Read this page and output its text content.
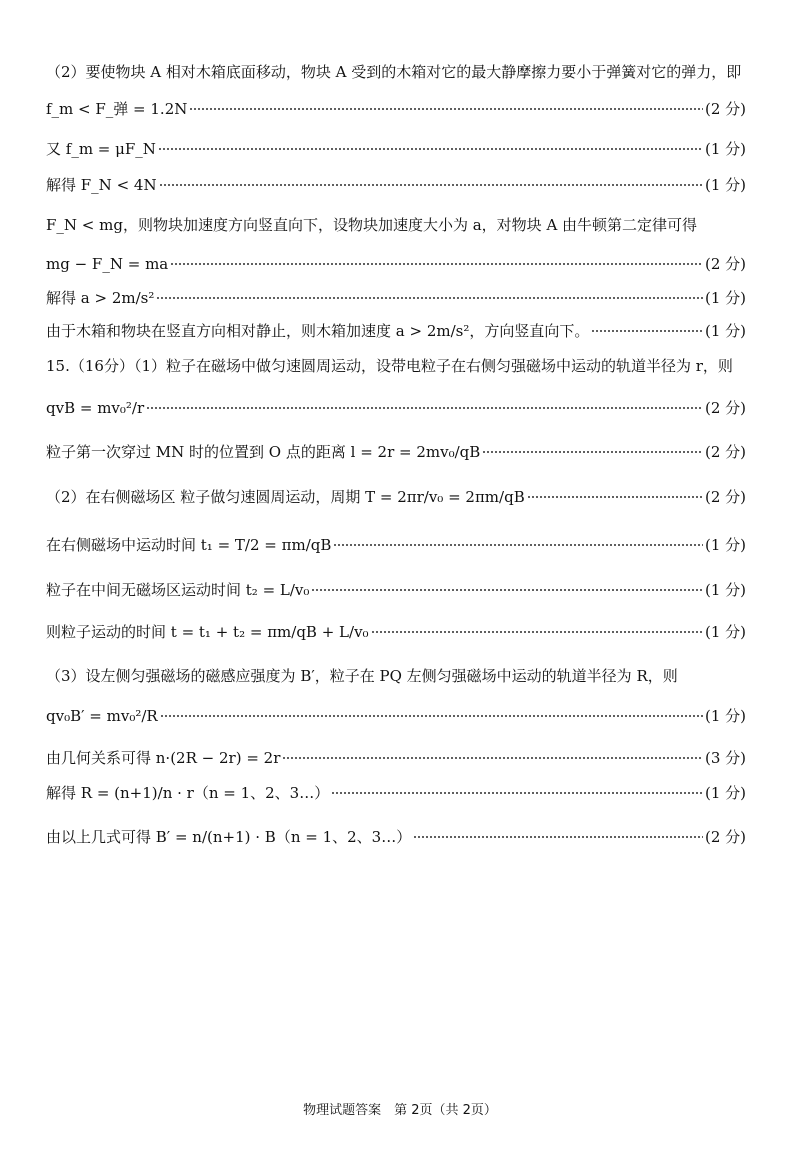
（2）要使物块 A 相对木箱底面移动，物块 A 受到的木箱对它的最大静摩擦力要小于弹簧对它的弹力，即
f_m < F_弹 = 1.2N	(2 分)
又 f_m = μF_N	(1 分)
解得 F_N < 4N	(1 分)
F_N < mg，则物块加速度方向竖直向下，设物块加速度大小为 a，对物块 A 由牛顿第二定律可得
mg − F_N = ma	(2 分)
解得 a > 2m/s²	(1 分)
由于木箱和物块在竖直方向相对静止，则木箱加速度 a > 2m/s²，方向竖直向下。	(1 分)
15.（16分）（1）粒子在磁场中做匀速圆周运动，设带电粒子在右侧匀强磁场中运动的轨道半径为 r，则
qvB = mv₀²/r	(2 分)
粒子第一次穿过 MN 时的位置到 O 点的距离 l = 2r = 2mv₀/qB	(2 分)
（2）在右侧磁场区 粒子做匀速圆周运动，周期 T = 2πr/v₀ = 2πm/qB	(2 分)
在右侧磁场中运动时间 t₁ = T/2 = πm/qB	(1 分)
粒子在中间无磁场区运动时间 t₂ = L/v₀	(1 分)
则粒子运动的时间 t = t₁ + t₂ = πm/qB + L/v₀	(1 分)
（3）设左侧匀强磁场的磁感应强度为 B′，粒子在 PQ 左侧匀强磁场中运动的轨道半径为 R，则
qv₀B′ = mv₀²/R	(1 分)
由几何关系可得 n·(2R − 2r) = 2r	(3 分)
解得 R = (n+1)/n · r（n = 1、2、3…）	(1 分)
由以上几式可得 B′ = n/(n+1) · B（n = 1、2、3…）	(2 分)
物理试题答案　第 2页（共 2页）
